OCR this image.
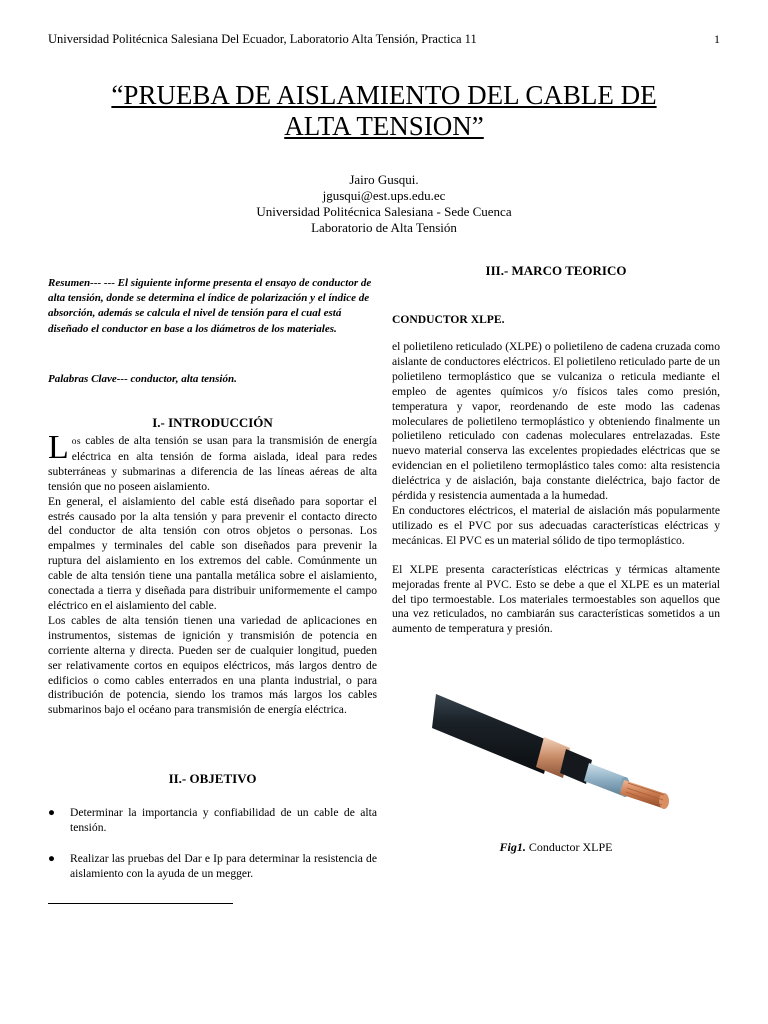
Universidad Politécnica Salesiana Del Ecuador, Laboratorio Alta Tensión, Practica 11	1
“PRUEBA DE AISLAMIENTO DEL CABLE DE
ALTA TENSION”
Jairo Gusqui.
jgusqui@est.ups.edu.ec
Universidad Politécnica Salesiana - Sede Cuenca
Laboratorio de Alta Tensión
Resumen--- --- El siguiente informe presenta el ensayo de conductor de alta tensión, donde se determina el índice de polarización y el índice de absorción, además se calcula el nivel de tensión para el cual está diseñado el conductor en base a los diámetros de los materiales.
Palabras Clave--- conductor, alta tensión.
I.- INTRODUCCIÓN

Los cables de alta tensión se usan para la transmisión de energía eléctrica en alta tensión de forma aislada, ideal para redes subterráneas y submarinas a diferencia de las líneas aéreas de alta tensión que no poseen aislamiento.

En general, el aislamiento del cable está diseñado para soportar el estrés causado por la alta tensión y para prevenir el contacto directo del conductor de alta tensión con otros objetos o personas. Los empalmes y terminales del cable son diseñados para prevenir la ruptura del aislamiento en los extremos del cable. Comúnmente un cable de alta tensión tiene una pantalla metálica sobre el aislamiento, conectada a tierra y diseñada para distribuir uniformemente el campo eléctrico en el aislamiento del cable.

Los cables de alta tensión tienen una variedad de aplicaciones en instrumentos, sistemas de ignición y transmisión de potencia en corriente alterna y directa. Pueden ser de cualquier longitud, pueden ser relativamente cortos en equipos eléctricos, más largos dentro de edificios o como cables enterrados en una planta industrial, o para distribución de potencia, siendo los tramos más largos los cables submarinos bajo el océano para transmisión de energía eléctrica.

II.- OBJETIVO
● Determinar la importancia y confiabilidad de un cable de alta tensión.
● Realizar las pruebas del Dar e Ip para determinar la resistencia de aislamiento con la ayuda de un megger.
III.- MARCO TEORICO
CONDUCTOR XLPE.

el polietileno reticulado (XLPE) o polietileno de cadena cruzada como aislante de conductores eléctricos. El polietileno reticulado parte de un polietileno termoplástico que se vulcaniza o reticula mediante el empleo de agentes químicos y/o físicos tales como presión, temperatura y vapor, reordenando de este modo las cadenas moleculares de polietileno termoplástico y obteniendo finalmente un polietileno reticulado con cadenas moleculares entrelazadas. Este nuevo material conserva las excelentes propiedades eléctricas que se evidencian en el polietileno termoplástico tales como: alta resistencia dieléctrica y de aislación, baja constante dieléctrica, bajo factor de pérdida y resistencia aumentada a la humedad.

En conductores eléctricos, el material de aislación más popularmente utilizado es el PVC por sus adecuadas características eléctricas y mecánicas. El PVC es un material sólido de tipo termoplástico.

El XLPE presenta características eléctricas y térmicas altamente mejoradas frente al PVC. Esto se debe a que el XLPE es un material del tipo termoestable. Los materiales termoestables son aquellos que una vez reticulados, no cambiarán sus características sometidos a un aumento de temperatura y presión.

Fig1. Conductor XLPE
